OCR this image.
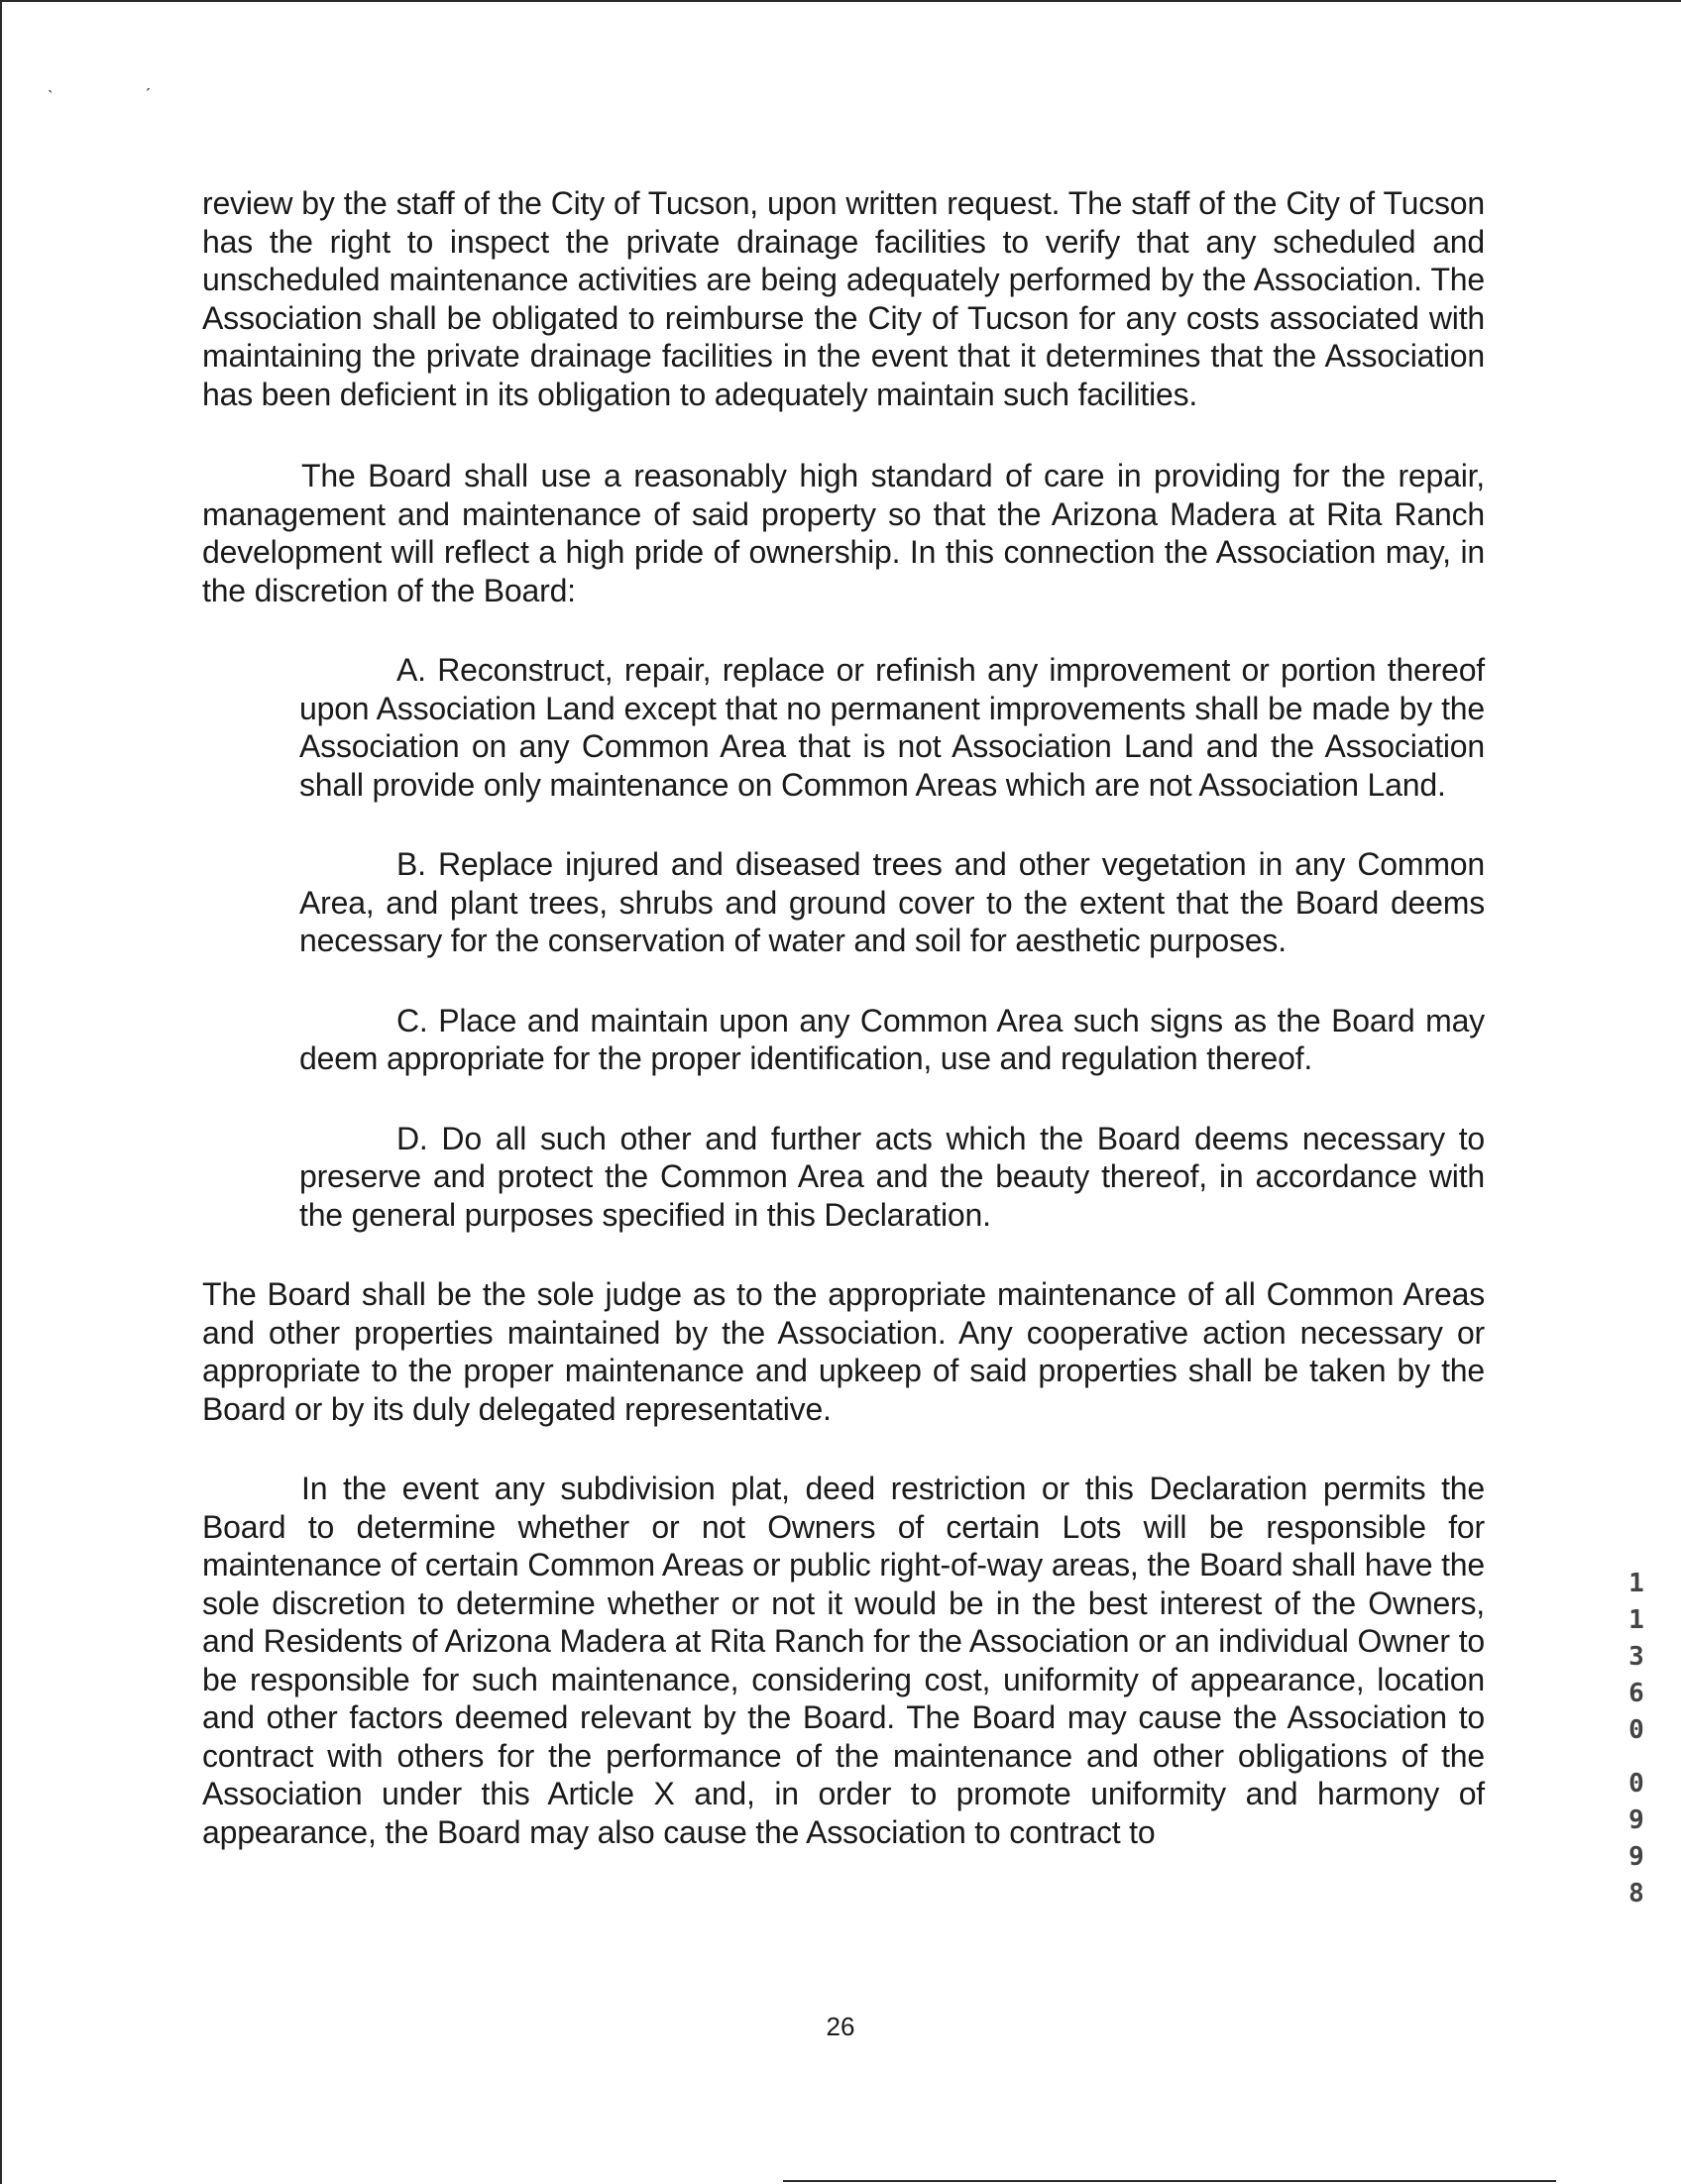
ˎ	ˏ

review by the staff of the City of Tucson, upon written request. The staff of the City of Tucson has the right to inspect the private drainage facilities to verify that any scheduled and unscheduled maintenance activities are being adequately performed by the Association. The Association shall be obligated to reimburse the City of Tucson for any costs associated with maintaining the private drainage facilities in the event that it determines that the Association has been deficient in its obligation to adequately maintain such facilities.

The Board shall use a reasonably high standard of care in providing for the repair, management and maintenance of said property so that the Arizona Madera at Rita Ranch development will reflect a high pride of ownership. In this connection the Association may, in the discretion of the Board:

A. Reconstruct, repair, replace or refinish any improvement or portion thereof upon Association Land except that no permanent improvements shall be made by the Association on any Common Area that is not Association Land and the Association shall provide only maintenance on Common Areas which are not Association Land.

B. Replace injured and diseased trees and other vegetation in any Common Area, and plant trees, shrubs and ground cover to the extent that the Board deems necessary for the conservation of water and soil for aesthetic purposes.

C. Place and maintain upon any Common Area such signs as the Board may deem appropriate for the proper identification, use and regulation thereof.

D. Do all such other and further acts which the Board deems necessary to preserve and protect the Common Area and the beauty thereof, in accordance with the general purposes specified in this Declaration.

The Board shall be the sole judge as to the appropriate maintenance of all Common Areas and other properties maintained by the Association. Any cooperative action necessary or appropriate to the proper maintenance and upkeep of said properties shall be taken by the Board or by its duly delegated representative.

In the event any subdivision plat, deed restriction or this Declaration permits the Board to determine whether or not Owners of certain Lots will be responsible for maintenance of certain Common Areas or public right-of-way areas, the Board shall have the sole discretion to determine whether or not it would be in the best interest of the Owners, and Residents of Arizona Madera at Rita Ranch for the Association or an individual Owner to be responsible for such maintenance, considering cost, uniformity of appearance, location and other factors deemed relevant by the Board. The Board may cause the Association to contract with others for the performance of the maintenance and other obligations of the Association under this Article X and, in order to promote uniformity and harmony of appearance, the Board may also cause the Association to contract to

26
1
1
3
6
0
0
9
9
8
